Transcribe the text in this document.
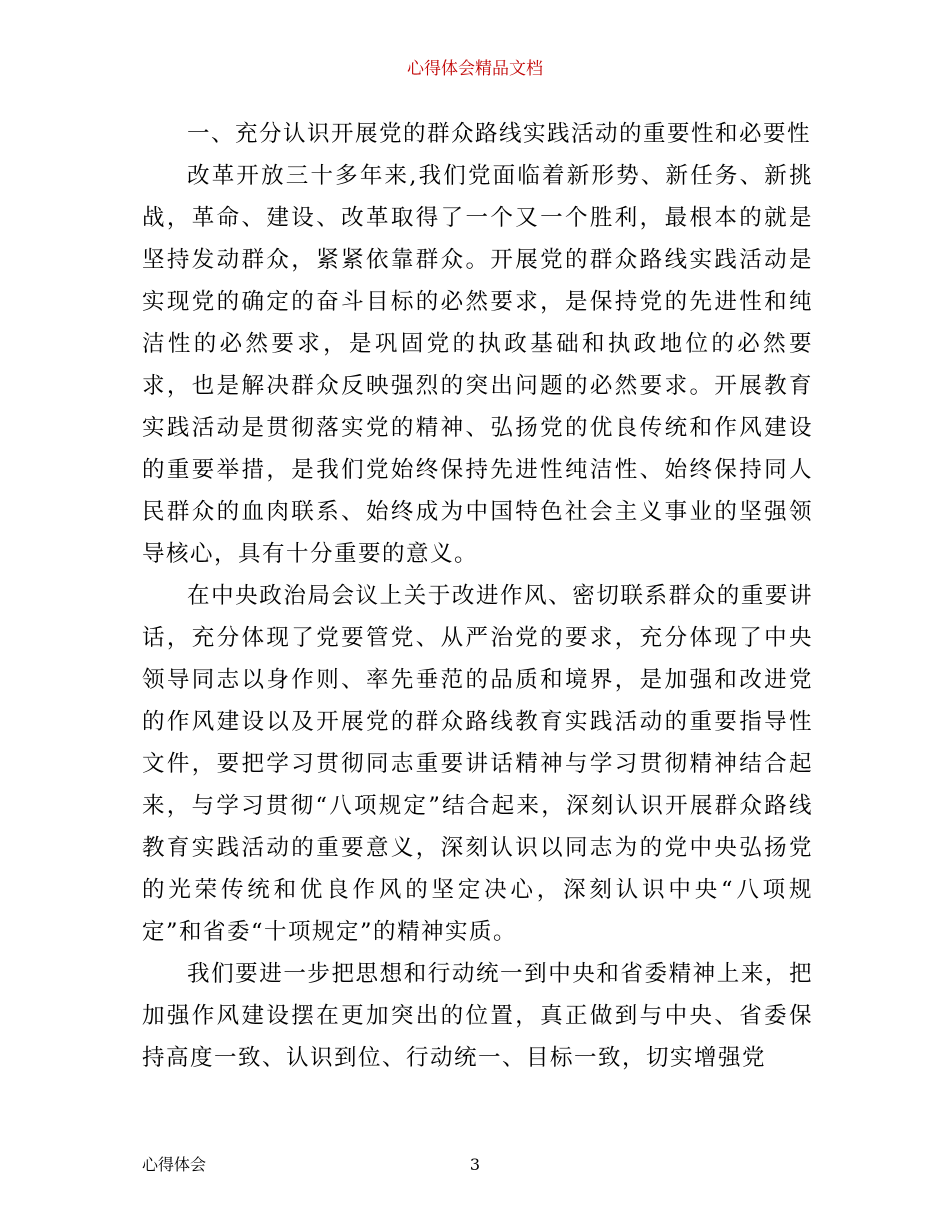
心得体会精品文档

一、充分认识开展党的群众路线实践活动的重要性和必要性

改革开放三十多年来,我们党面临着新形势、新任务、新挑战，革命、建设、改革取得了一个又一个胜利，最根本的就是坚持发动群众，紧紧依靠群众。开展党的群众路线实践活动是实现党的确定的奋斗目标的必然要求，是保持党的先进性和纯洁性的必然要求，是巩固党的执政基础和执政地位的必然要求，也是解决群众反映强烈的突出问题的必然要求。开展教育实践活动是贯彻落实党的精神、弘扬党的优良传统和作风建设的重要举措，是我们党始终保持先进性纯洁性、始终保持同人民群众的血肉联系、始终成为中国特色社会主义事业的坚强领导核心，具有十分重要的意义。

在中央政治局会议上关于改进作风、密切联系群众的重要讲话，充分体现了党要管党、从严治党的要求，充分体现了中央领导同志以身作则、率先垂范的品质和境界，是加强和改进党的作风建设以及开展党的群众路线教育实践活动的重要指导性文件，要把学习贯彻同志重要讲话精神与学习贯彻精神结合起来，与学习贯彻“八项规定”结合起来，深刻认识开展群众路线教育实践活动的重要意义，深刻认识以同志为的党中央弘扬党的光荣传统和优良作风的坚定决心，深刻认识中央“八项规定”和省委“十项规定”的精神实质。

我们要进一步把思想和行动统一到中央和省委精神上来，把加强作风建设摆在更加突出的位置，真正做到与中央、省委保持高度一致、认识到位、行动统一、目标一致，切实增强党

心得体会	3
